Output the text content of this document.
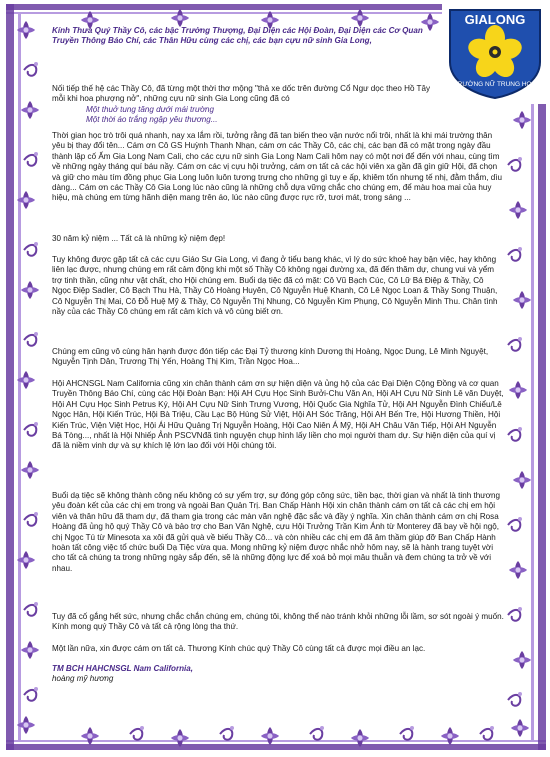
GIALONG
TRƯỜNG NỮ TRUNG HỌC

Kính Thưa Quý Thầy Cô, các bậc Trưởng Thượng, Đại Diện các Hội Đoàn, Đại Diện các Cơ Quan Truyền Thông Báo Chí, các Thân Hữu cùng các chị, các bạn cựu nữ sinh Gia Long,

Nối tiếp thế hệ các Thầy Cô, đã từng một thời thơ mộng "thả xe dốc trên đường Cổ Ngư dọc theo Hồ Tây mỗi khi hoa phượng nở", những cựu nữ sinh Gia Long cũng đã có

Một thuở tung tăng dưới mái trường

Một thời áo trắng ngập yêu thương...

Thời gian học trò trôi quá nhanh, nay xa lắm rồi, tưởng rằng đã tan biến theo vận nước nổi trôi, nhất là khi mái trường thân yêu bị thay đổi tên... Cám ơn Cô GS Huỳnh Thanh Nhạn, cám ơn các Thầy Cô, các chị, các bạn đã có mặt trong ngày đầu thành lập cố Ấm Gia Long Nam Cali, cho các cựu nữ sinh Gia Long Nam Cali hôm nay có một nơi để đến với nhau, cùng tìm về những ngày tháng quí báu nầy. Cám ơn các vị cựu hội trưởng, cám ơn tất cả các hội viên xa gần đã gìn giữ Hội, đã chọn và giữ cho màu tím đồng phục Gia Long luôn luôn tương trưng cho những gì tuy e ấp, khiêm tốn nhưng tế nhị, đằm thắm, dìu dàng... Cám ơn các Thầy Cô Gia Long lúc nào cũng là những chỗ dựa vững chắc cho chúng em, để màu hoa mai của huy hiệu, mà chúng em từng hãnh diện mang trên áo, lúc nào cũng được rực rỡ, tươi mát, trong sáng ...

30 năm kỷ niệm ... Tất cả là những kỷ niệm đẹp!

Tuy không được gặp tất cả các cựu Giáo Sư Gia Long, vì đang ở tiểu bang khác, vì lý do sức khoẻ hay bận việc, hay không liên lạc được, nhưng chúng em rất cảm động khi một số Thầy Cô không ngại đường xa, đã đến thăm dự, chung vui và yểm trợ tinh thần, cũng như vật chất, cho Hội chúng em. Buổi dạ tiệc đã có mặt: Cô Vũ Bạch Cúc, Cô Lữ Bá Điệp & Thầy, Cô Ngọc Điệp Sadler, Cô Bạch Thu Hà, Thầy Cô Hoàng Huyên, Cô Nguyễn Huệ Khanh, Cô Lê Ngọc Loan & Thầy Song Thuận, Cô Nguyễn Thị Mai, Cô Đỗ Huệ Mỹ & Thầy, Cô Nguyễn Thị Nhung, Cô Nguyễn Kim Phụng, Cô Nguyễn Minh Thu. Chân tình nầy của các Thầy Cô chúng em rất cảm kích và vô cùng biết ơn.

Chúng em cũng vô cùng hân hạnh được đón tiếp các Đại Tỷ thương kính Dương thị Hoàng, Ngọc Dung, Lê Minh Nguyệt, Nguyễn Tịnh Dân, Trương Thị Yến, Hoàng Thị Kim, Trần Ngọc Hoa...

Hội AHCNSGL Nam California cũng xin chân thành cám ơn sự hiện diện và ủng hộ của các Đại Diện Cộng Đồng và cơ quan Truyền Thông Báo Chí, cùng các Hội Đoàn Bạn: Hội AH Cựu Học Sinh Bưởi-Chu Văn An, Hội AH Cựu Nữ Sinh Lê văn Duyệt, Hội AH Cựu Học Sinh Petrus Ký, Hội AH Cựu Nữ Sinh Trưng Vương, Hội Quốc Gia Nghĩa Tử, Hội AH Nguyễn Đình Chiểu/Lê Ngọc Hân, Hội Kiến Trúc, Hội Bà Triệu, Cầu Lạc Bộ Hùng Sử Việt, Hội AH Sóc Trăng, Hội AH Bến Tre, Hội Hương Thiền, Hội Kiến Trúc, Viện Việt Học, Hội Ái Hữu Quảng Trị Nguyễn Hoàng, Hội Cao Niên Á Mỹ, Hội AH Châu Văn Tiếp, Hội AH Nguyễn Bá Tòng..., nhất là Hội Nhiếp Ảnh PSCVNđã tình nguyện chụp hình lấy liền cho mọi người tham dự. Sự hiện diện của quí vị đã là niềm vinh dự và sự khích lệ lớn lao đối với Hội chúng tôi.

Buổi dạ tiệc sẽ không thành công nếu không có sự yểm trợ, sự đóng góp công sức, tiền bạc, thời gian và nhất là tinh thương yêu đoàn kết của các chị em trong và ngoài Ban Quản Trị. Ban Chấp Hành Hội xin chân thành cám ơn tất cả các chị em hội viên và thân hữu đã tham dự, đã tham gia trong các màn văn nghệ đặc sắc và đầy ý nghĩa. Xin chân thành cám ơn chị Rosa Hoàng đã ủng hộ quý Thầy Cô và bảo trợ cho Ban Văn Nghệ, cựu Hội Trưởng Trần Kim Ánh từ Monterey đã bay về hội ngộ, chị Ngọc Tú từ Minesota xa xôi đã gửi quà về biếu Thầy Cô... và còn nhiều các chị em đã âm thầm giúp đỡ Ban Chấp Hành hoàn tất công việc tổ chức buổi Dạ Tiệc vừa qua. Mong những kỷ niệm được nhắc nhở hôm nay, sẽ là hành trang tuyệt vời cho tất cả chúng ta trong những ngày sắp đến, sẽ là những động lực để xoá bỏ mọi mâu thuẫn và đem chúng ta trở về với nhau.

Tuy đã cố gắng hết sức, nhưng chắc chắn chúng em, chúng tôi, không thể nào tránh khỏi những lỗi lầm, sơ sót ngoài ý muốn. Kính mong quý Thầy Cô và tất cả rộng lòng tha thứ.

Một lần nữa, xin được cám ơn tất cả. Thương Kính chúc quý Thầy Cô cùng tất cả được mọi điều an lạc.

TM BCH HAHCNSGL Nam California,

hoàng mỹ hương
